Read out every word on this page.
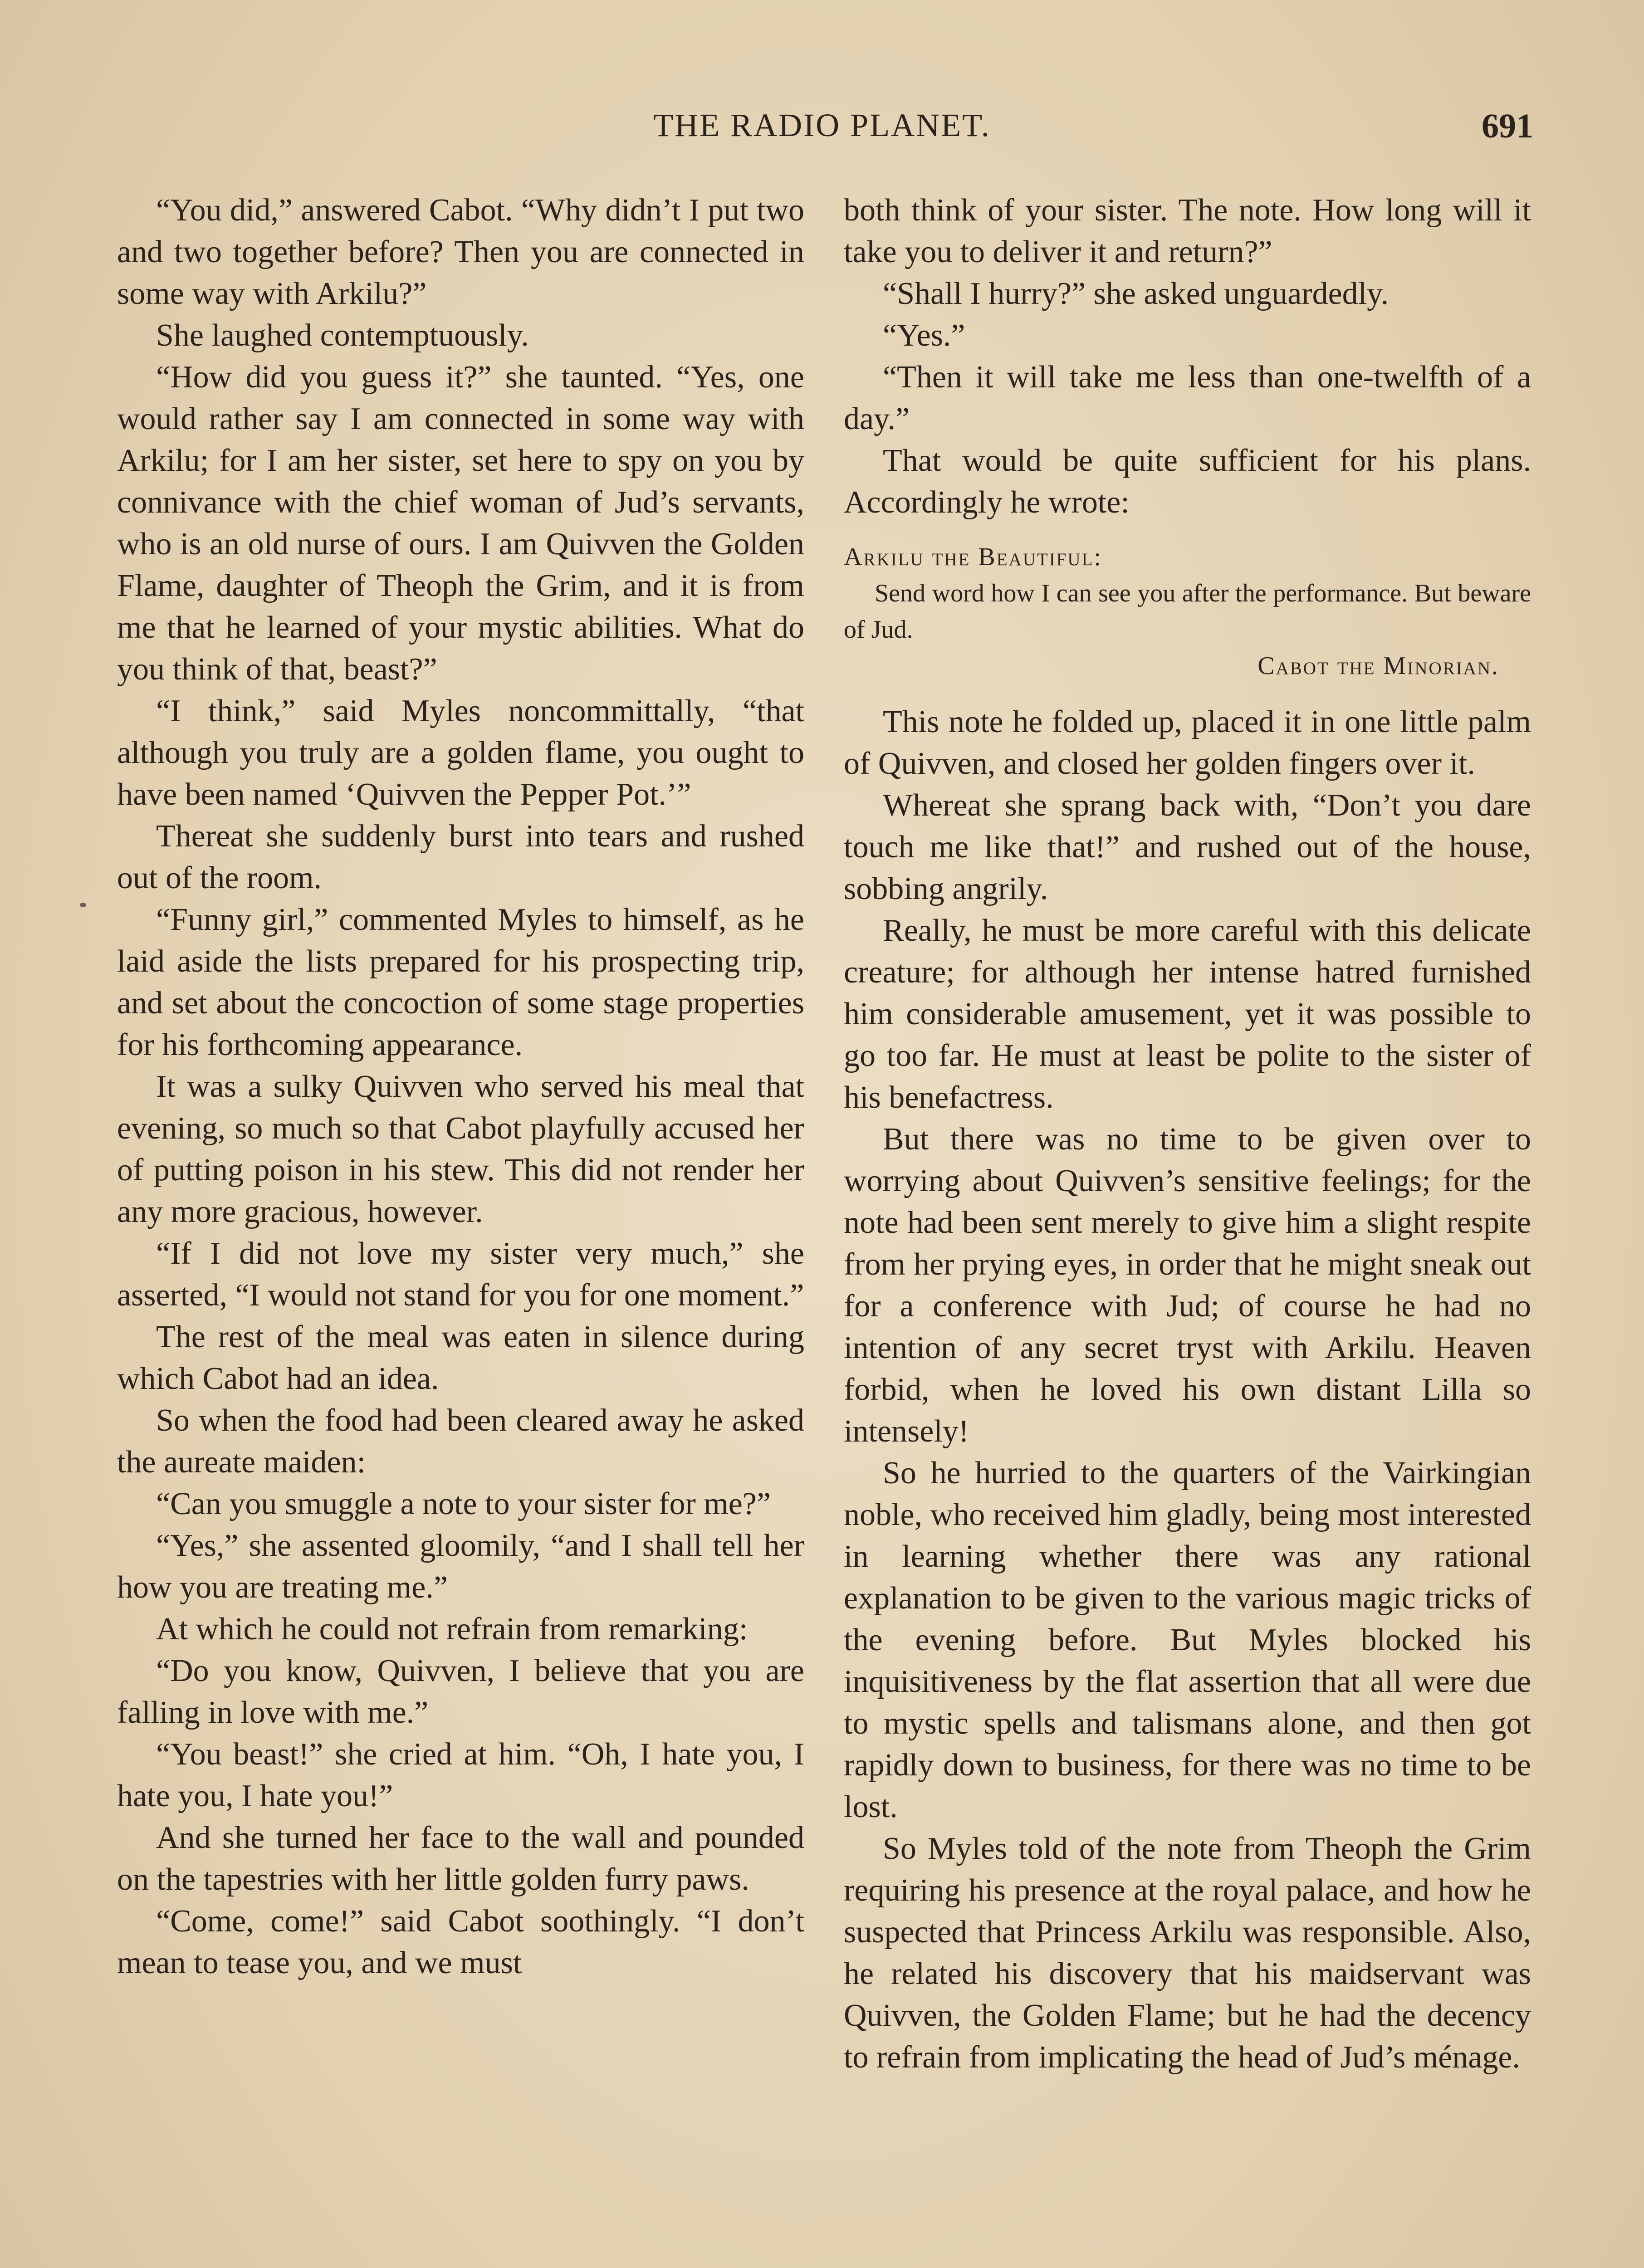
THE RADIO PLANET.	691

“You did,” answered Cabot. “Why didn’t I put two and two together before? Then you are connected in some way with Arkilu?”

She laughed contemptuously.

“How did you guess it?” she taunted. “Yes, one would rather say I am connected in some way with Arkilu; for I am her sister, set here to spy on you by connivance with the chief woman of Jud’s servants, who is an old nurse of ours. I am Quivven the Golden Flame, daughter of Theoph the Grim, and it is from me that he learned of your mystic abilities. What do you think of that, beast?”

“I think,” said Myles noncommittally, “that although you truly are a golden flame, you ought to have been named ‘Quivven the Pepper Pot.’”

Thereat she suddenly burst into tears and rushed out of the room.

“Funny girl,” commented Myles to himself, as he laid aside the lists prepared for his prospecting trip, and set about the concoction of some stage properties for his forthcoming appearance.

It was a sulky Quivven who served his meal that evening, so much so that Cabot playfully accused her of putting poison in his stew. This did not render her any more gracious, however.

“If I did not love my sister very much,” she asserted, “I would not stand for you for one moment.”

The rest of the meal was eaten in silence during which Cabot had an idea.

So when the food had been cleared away he asked the aureate maiden:

“Can you smuggle a note to your sister for me?”

“Yes,” she assented gloomily, “and I shall tell her how you are treating me.”

At which he could not refrain from remarking:

“Do you know, Quivven, I believe that you are falling in love with me.”

“You beast!” she cried at him. “Oh, I hate you, I hate you, I hate you!”

And she turned her face to the wall and pounded on the tapestries with her little golden furry paws.

“Come, come!” said Cabot soothingly. “I don’t mean to tease you, and we must

both think of your sister. The note. How long will it take you to deliver it and return?”

“Shall I hurry?” she asked unguardedly.

“Yes.”

“Then it will take me less than one-twelfth of a day.”

That would be quite sufficient for his plans. Accordingly he wrote:

Arkilu the Beautiful:
Send word how I can see you after the performance. But beware of Jud.
Cabot the Minorian.

This note he folded up, placed it in one little palm of Quivven, and closed her golden fingers over it.

Whereat she sprang back with, “Don’t you dare touch me like that!” and rushed out of the house, sobbing angrily.

Really, he must be more careful with this delicate creature; for although her intense hatred furnished him considerable amusement, yet it was possible to go too far. He must at least be polite to the sister of his benefactress.

But there was no time to be given over to worrying about Quivven’s sensitive feelings; for the note had been sent merely to give him a slight respite from her prying eyes, in order that he might sneak out for a conference with Jud; of course he had no intention of any secret tryst with Arkilu. Heaven forbid, when he loved his own distant Lilla so intensely!

So he hurried to the quarters of the Vairkingian noble, who received him gladly, being most interested in learning whether there was any rational explanation to be given to the various magic tricks of the evening before. But Myles blocked his inquisitiveness by the flat assertion that all were due to mystic spells and talismans alone, and then got rapidly down to business, for there was no time to be lost.

So Myles told of the note from Theoph the Grim requiring his presence at the royal palace, and how he suspected that Princess Arkilu was responsible. Also, he related his discovery that his maidservant was Quivven, the Golden Flame; but he had the decency to refrain from implicating the head of Jud’s ménage.
